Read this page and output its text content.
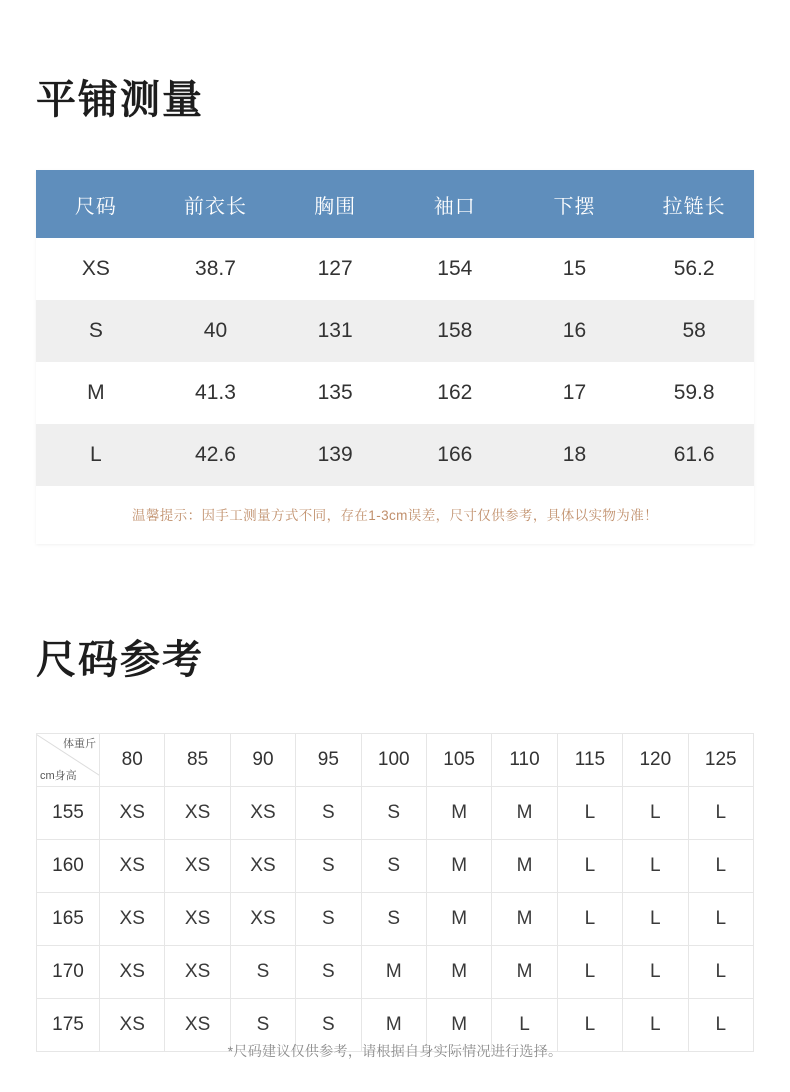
平铺测量
尺码	前衣长	胸围	袖口	下摆	拉链长
XS	38.7	127	154	15	56.2
S	40	131	158	16	58
M	41.3	135	162	17	59.8
L	42.6	139	166	18	61.6
温馨提示：因手工测量方式不同，存在1-3cm误差，尺寸仅供参考，具体以实物为准！
尺码参考
体重斤
cm身高	80	85	90	95	100	105	110	115	120	125
155	XS	XS	XS	S	S	M	M	L	L	L
160	XS	XS	XS	S	S	M	M	L	L	L
165	XS	XS	XS	S	S	M	M	L	L	L
170	XS	XS	S	S	M	M	M	L	L	L
175	XS	XS	S	S	M	M	L	L	L	L
*尺码建议仅供参考，请根据自身实际情况进行选择。
